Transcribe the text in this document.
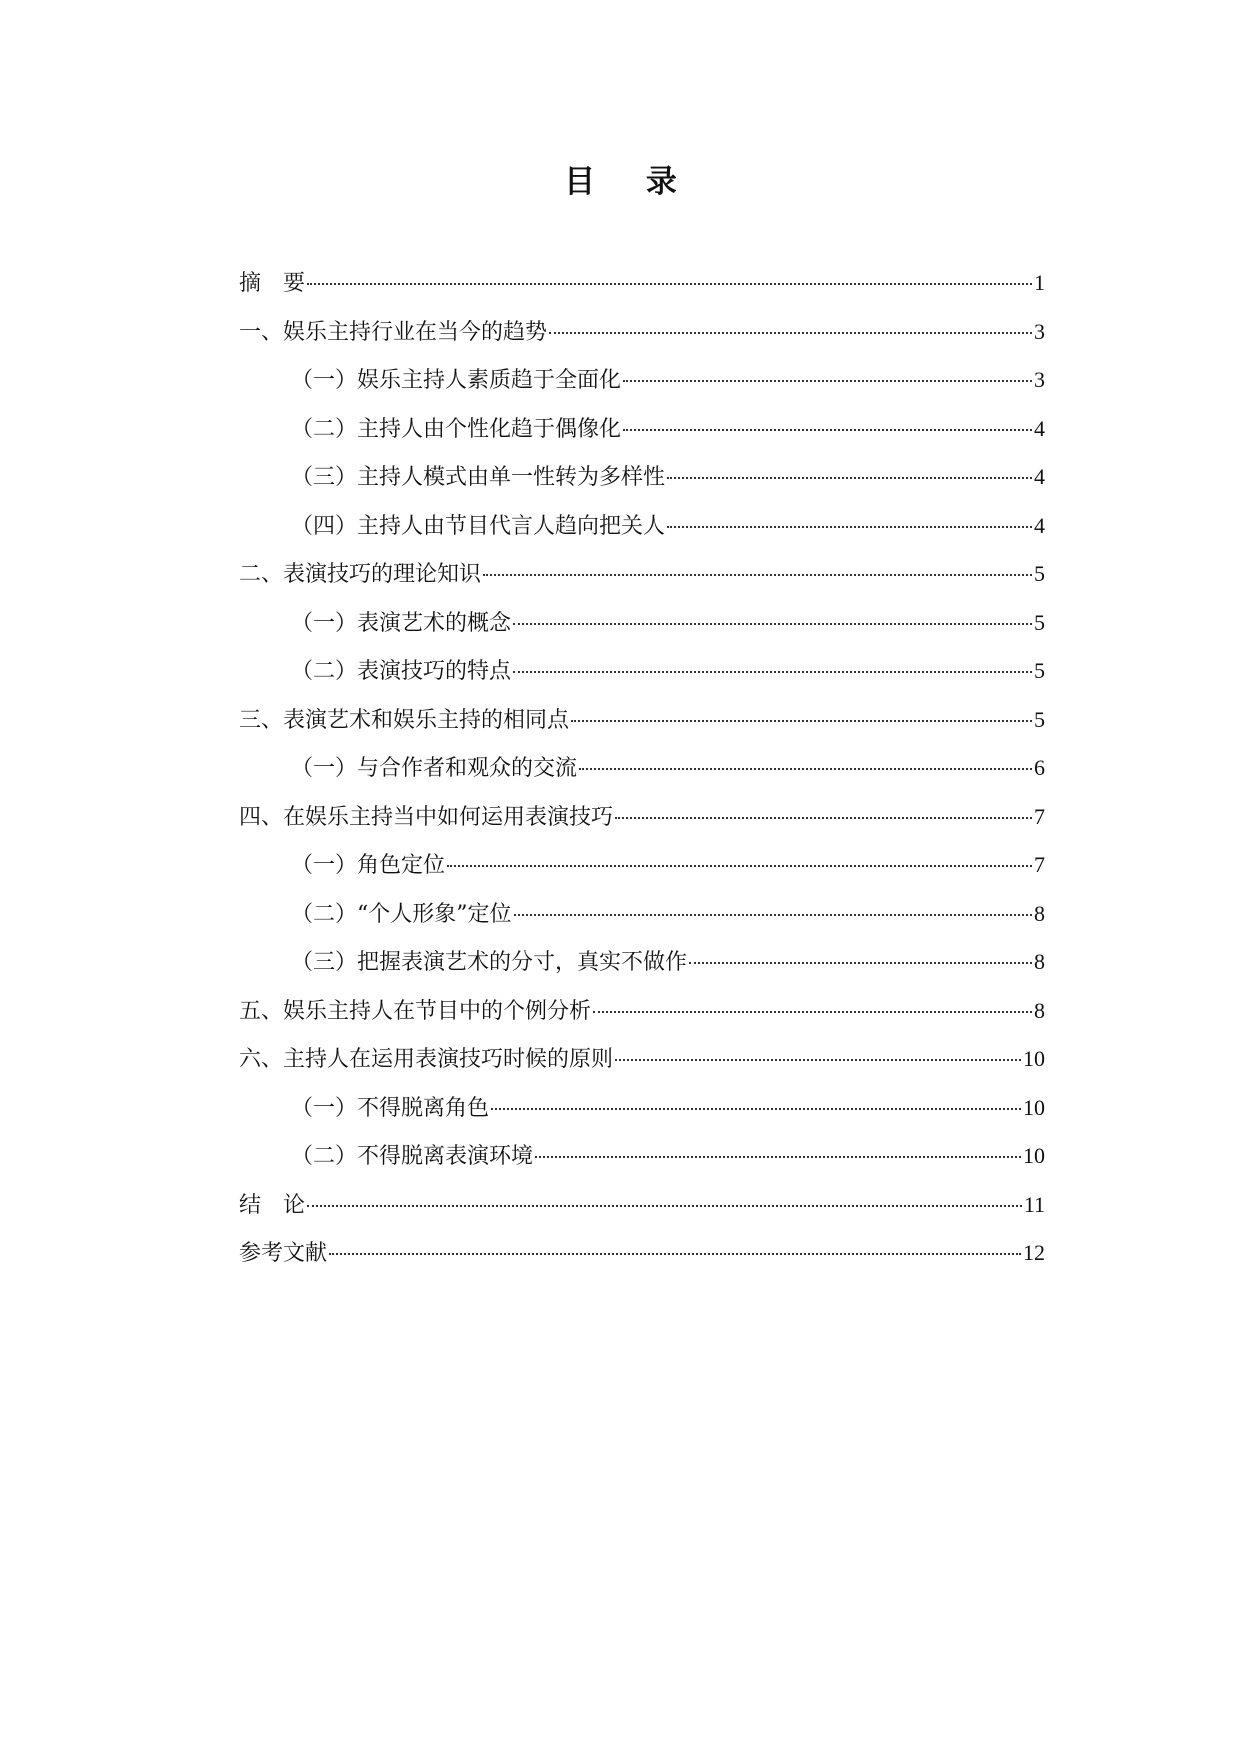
目 录
摘　要	1
一、娱乐主持行业在当今的趋势	3
（一）娱乐主持人素质趋于全面化	3
（二）主持人由个性化趋于偶像化	4
（三）主持人模式由单一性转为多样性	4
（四）主持人由节目代言人趋向把关人	4
二、表演技巧的理论知识	5
（一）表演艺术的概念	5
（二）表演技巧的特点	5
三、表演艺术和娱乐主持的相同点	5
（一）与合作者和观众的交流	6
四、在娱乐主持当中如何运用表演技巧	7
（一）角色定位	7
（二）“个人形象”定位	8
（三）把握表演艺术的分寸，真实不做作	8
五、娱乐主持人在节目中的个例分析	8
六、主持人在运用表演技巧时候的原则	10
（一）不得脱离角色	10
（二）不得脱离表演环境	10
结　论	11
参考文献	12
